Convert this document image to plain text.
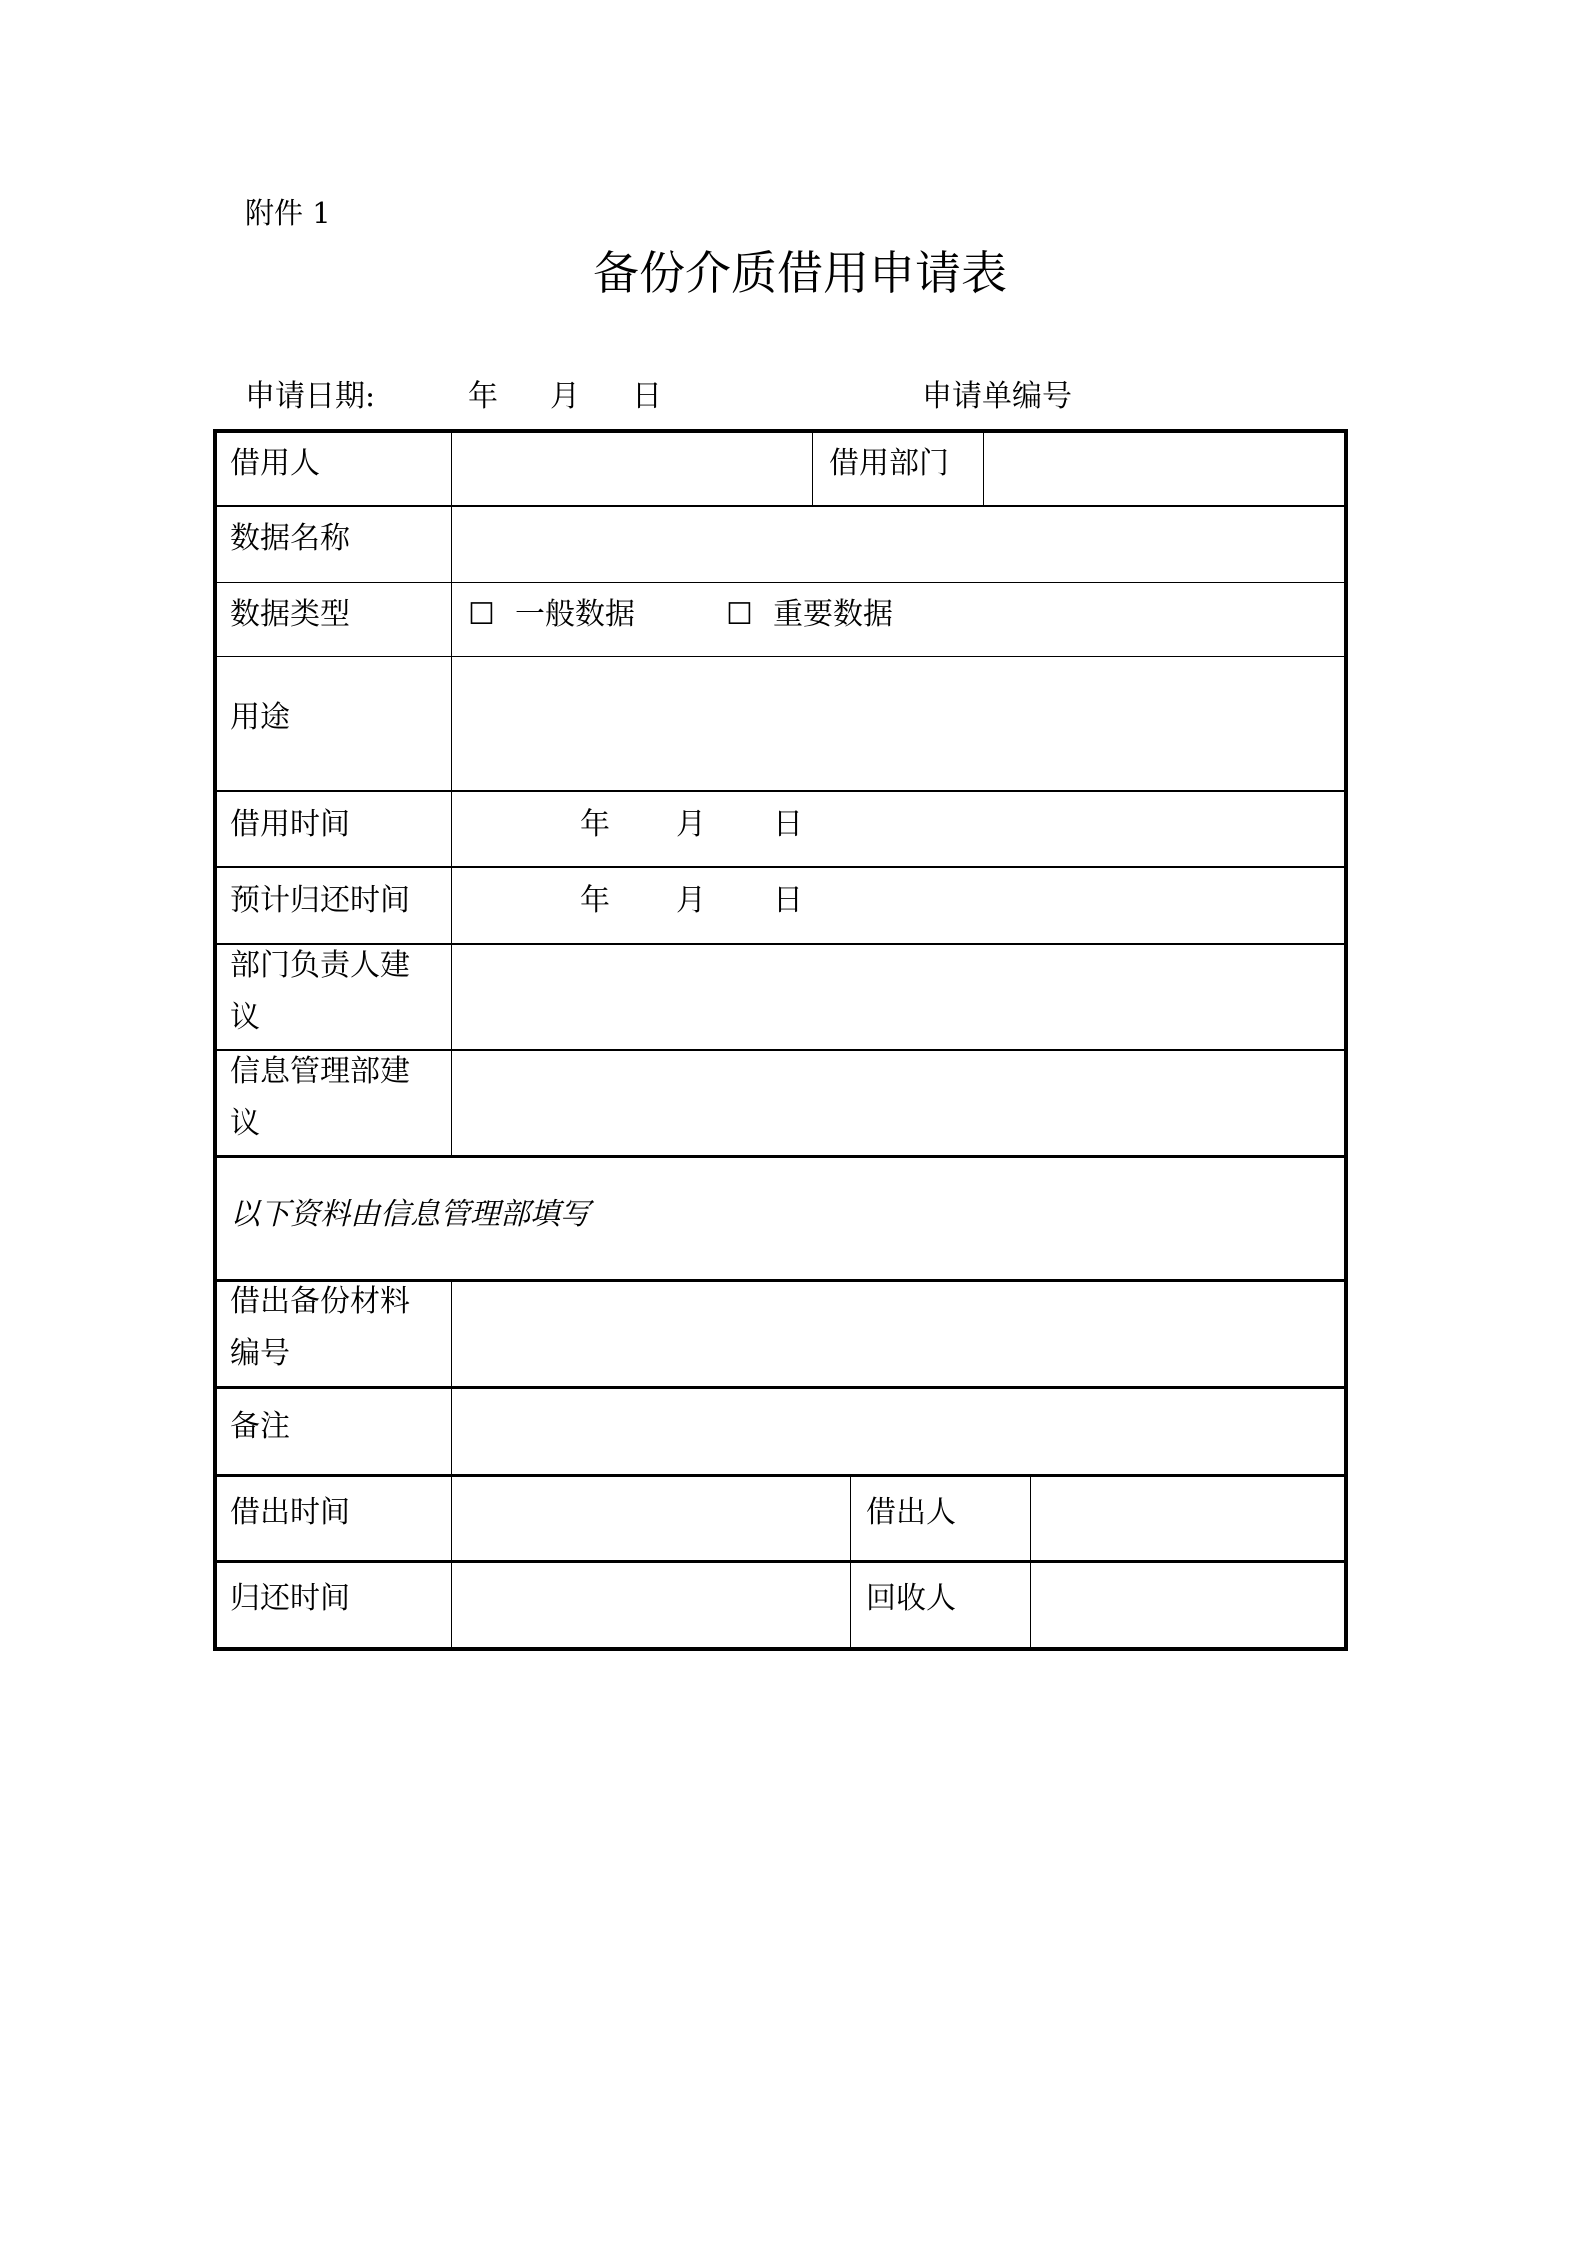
附件 1
备份介质借用申请表
申请日期:	年 月 日	申请单编号
借用人	借用部门
数据名称
数据类型	☐ 一般数据	☐ 重要数据
用途
借用时间	年 月 日
预计归还时间	年 月 日
部门负责人建议
信息管理部建议
以下资料由信息管理部填写
借出备份材料编号
备注
借出时间	借出人
归还时间	回收人
